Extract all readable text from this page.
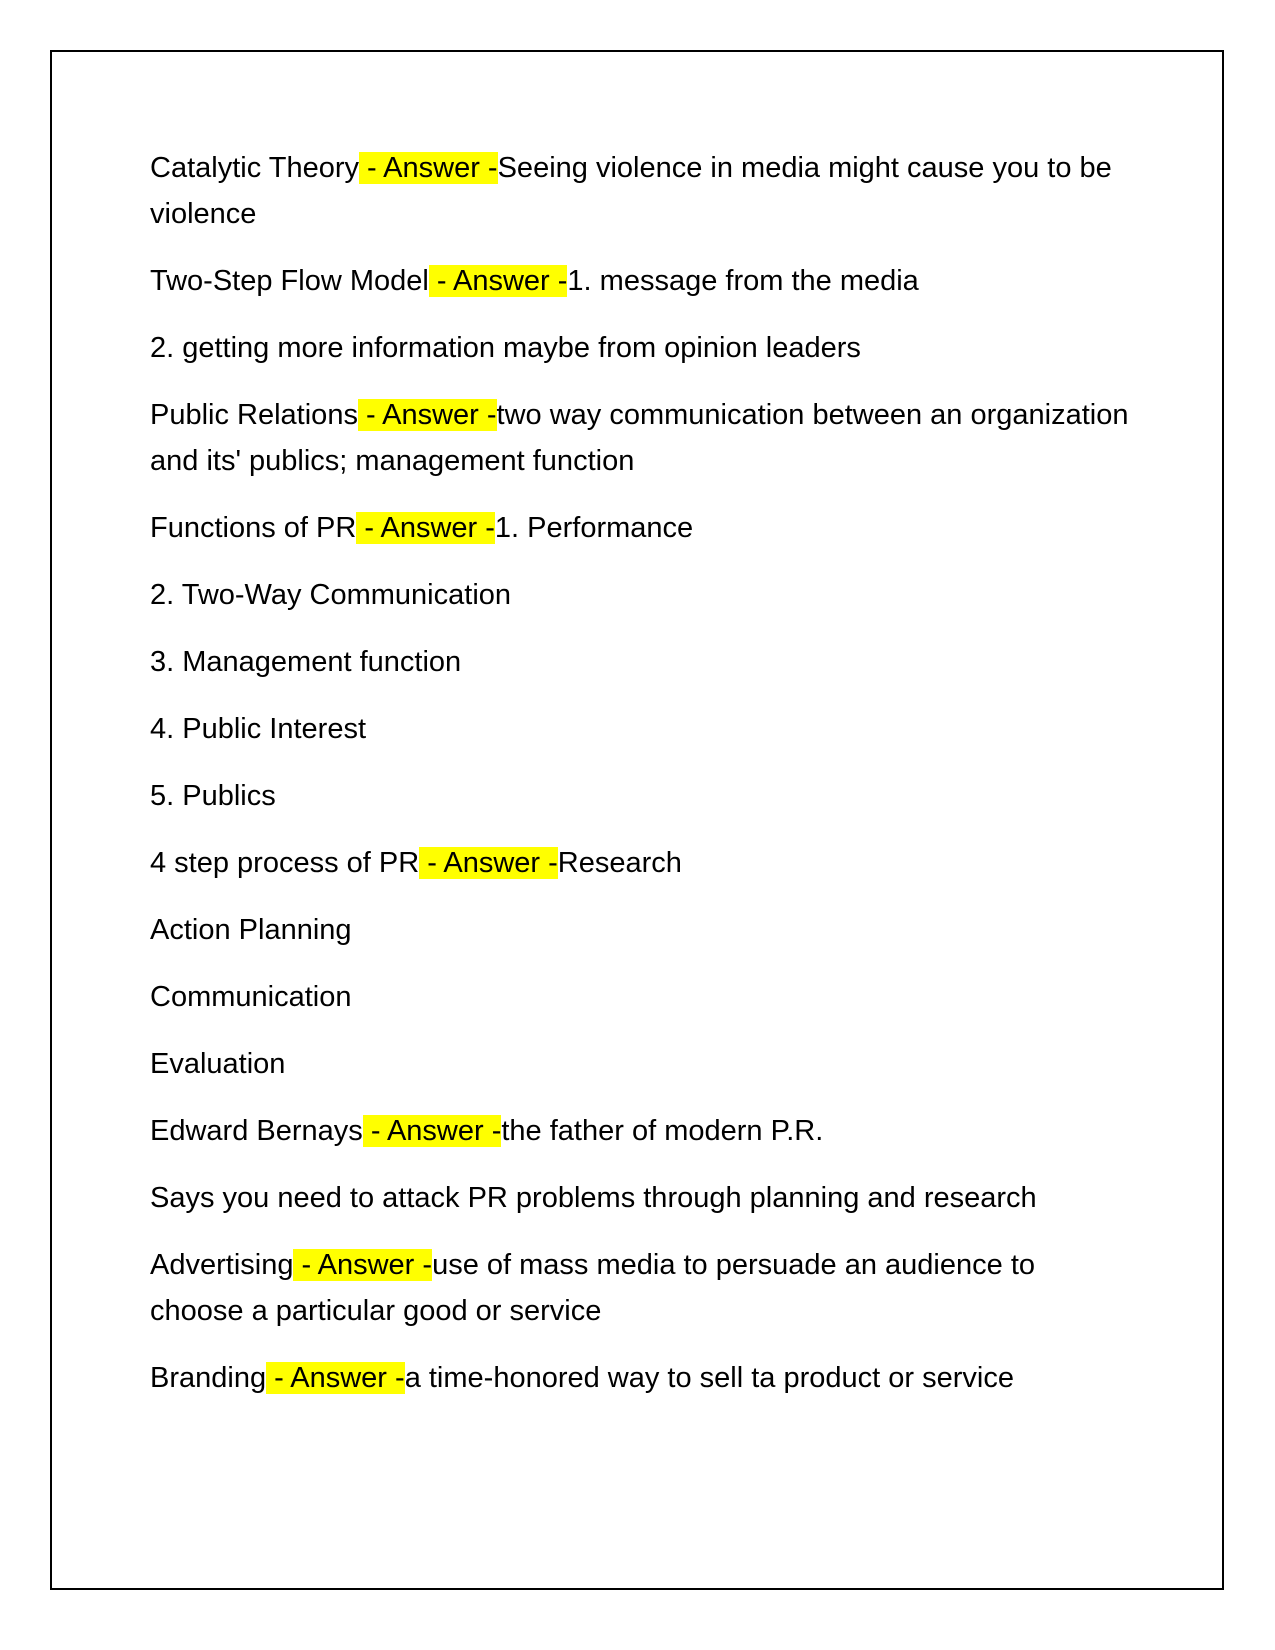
Catalytic Theory - Answer -Seeing violence in media might cause you to be violence

Two-Step Flow Model - Answer -1. message from the media

2. getting more information maybe from opinion leaders

Public Relations - Answer -two way communication between an organization and its' publics; management function

Functions of PR - Answer -1. Performance

2. Two-Way Communication

3. Management function

4. Public Interest

5. Publics

4 step process of PR - Answer -Research

Action Planning

Communication

Evaluation

Edward Bernays - Answer -the father of modern P.R.

Says you need to attack PR problems through planning and research

Advertising - Answer -use of mass media to persuade an audience to choose a particular good or service

Branding - Answer -a time-honored way to sell ta product or service
